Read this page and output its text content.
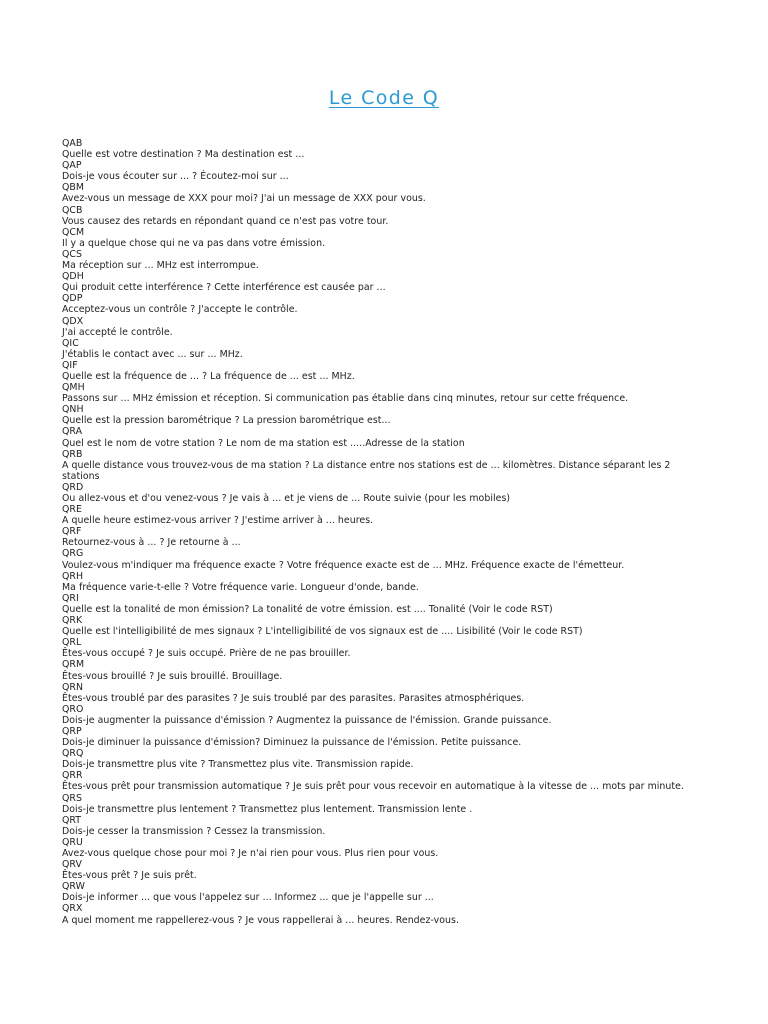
Le Code Q
QAB
Quelle est votre destination ? Ma destination est ...
QAP
Dois-je vous écouter sur ... ? Écoutez-moi sur ...
QBM
Avez-vous un message de XXX pour moi? J'ai un message de XXX pour vous.
QCB
Vous causez des retards en répondant quand ce n'est pas votre tour.
QCM
Il y a quelque chose qui ne va pas dans votre émission.
QCS
Ma réception sur ... MHz est interrompue.
QDH
Qui produit cette interférence ? Cette interférence est causée par ...
QDP
Acceptez-vous un contrôle ? J'accepte le contrôle.
QDX
J'ai accepté le contrôle.
QIC
J'établis le contact avec ... sur ... MHz.
QIF
Quelle est la fréquence de ... ? La fréquence de ... est ... MHz.
QMH
Passons sur ... MHz émission et réception. Si communication pas établie dans cinq minutes, retour sur cette fréquence.
QNH
Quelle est la pression barométrique ? La pression barométrique est...
QRA
Quel est le nom de votre station ? Le nom de ma station est .....Adresse de la station
QRB
A quelle distance vous trouvez-vous de ma station ? La distance entre nos stations est de ... kilomètres. Distance séparant les 2 stations
QRD
Ou allez-vous et d'ou venez-vous ? Je vais à ... et je viens de ... Route suivie (pour les mobiles)
QRE
A quelle heure estimez-vous arriver ? J'estime arriver à ... heures.
QRF
Retournez-vous à ... ? Je retourne à ...
QRG
Voulez-vous m'indiquer ma fréquence exacte ? Votre fréquence exacte est de ... MHz. Fréquence exacte de l'émetteur.
QRH
Ma fréquence varie-t-elle ? Votre fréquence varie. Longueur d'onde, bande.
QRI
Quelle est la tonalité de mon émission? La tonalité de votre émission. est .... Tonalité (Voir le code RST)
QRK
Quelle est l'intelligibilité de mes signaux ? L'intelligibilité de vos signaux est de .... Lisibilité (Voir le code RST)
QRL
Êtes-vous occupé ? Je suis occupé. Prière de ne pas brouiller.
QRM
Êtes-vous brouillé ? Je suis brouillé. Brouillage.
QRN
Êtes-vous troublé par des parasites ? Je suis troublé par des parasites. Parasites atmosphériques.
QRO
Dois-je augmenter la puissance d'émission ? Augmentez la puissance de l'émission. Grande puissance.
QRP
Dois-je diminuer la puissance d'émission? Diminuez la puissance de l'émission. Petite puissance.
QRQ
Dois-je transmettre plus vite ? Transmettez plus vite. Transmission rapide.
QRR
Êtes-vous prêt pour transmission automatique ? Je suis prêt pour vous recevoir en automatique à la vitesse de ... mots par minute.
QRS
Dois-je transmettre plus lentement ? Transmettez plus lentement. Transmission lente .
QRT
Dois-je cesser la transmission ? Cessez la transmission.
QRU
Avez-vous quelque chose pour moi ? Je n'ai rien pour vous. Plus rien pour vous.
QRV
Êtes-vous prêt ? Je suis prêt.
QRW
Dois-je informer ... que vous l'appelez sur ... Informez ... que je l'appelle sur ...
QRX
A quel moment me rappellerez-vous ? Je vous rappellerai à ... heures. Rendez-vous.
